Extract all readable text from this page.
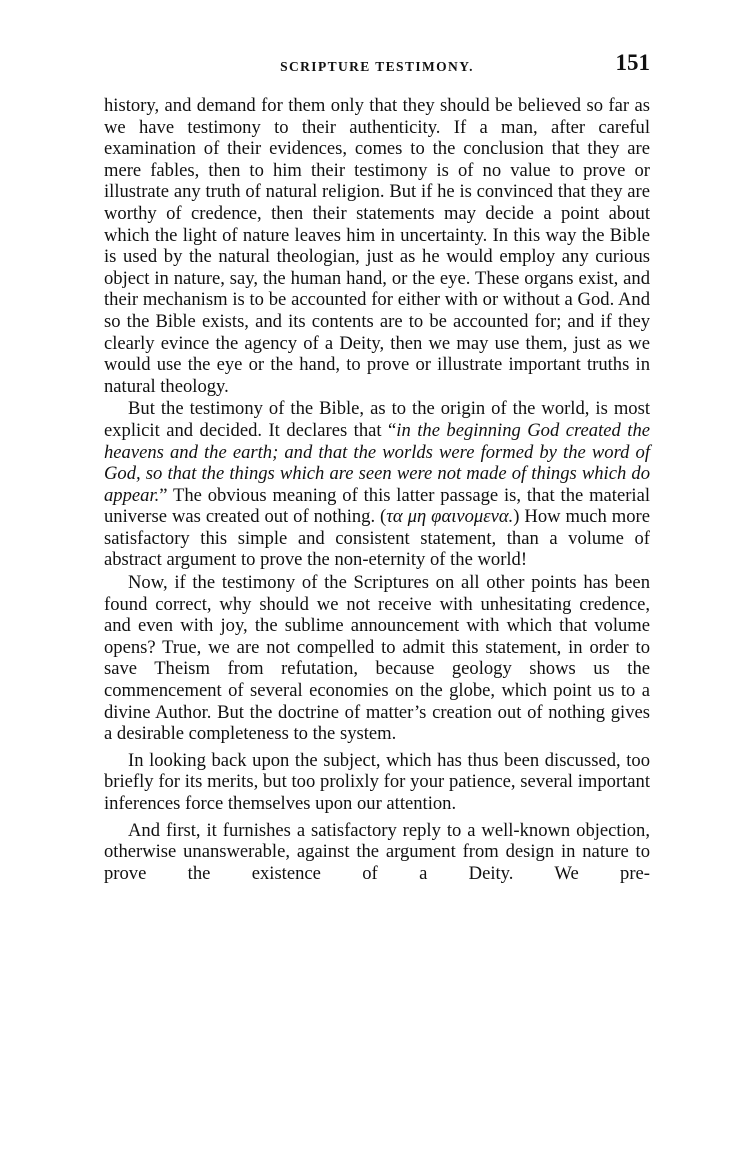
SCRIPTURE TESTIMONY.	151

history, and demand for them only that they should be believed so far as we have testimony to their authenticity. If a man, after careful examination of their evidences, comes to the conclusion that they are mere fables, then to him their testimony is of no value to prove or illustrate any truth of natural religion. But if he is convinced that they are worthy of credence, then their statements may decide a point about which the light of nature leaves him in uncertainty. In this way the Bible is used by the natural theologian, just as he would employ any curious object in nature, say, the human hand, or the eye. These organs exist, and their mechanism is to be accounted for either with or without a God. And so the Bible exists, and its contents are to be accounted for; and if they clearly evince the agency of a Deity, then we may use them, just as we would use the eye or the hand, to prove or illustrate important truths in natural theology.

But the testimony of the Bible, as to the origin of the world, is most explicit and decided. It declares that “in the beginning God created the heavens and the earth; and that the worlds were formed by the word of God, so that the things which are seen were not made of things which do appear.” The obvious meaning of this latter passage is, that the material universe was created out of nothing. (τα μη φαινομενα.) How much more satisfactory this simple and consistent statement, than a volume of abstract argument to prove the non-eternity of the world!

Now, if the testimony of the Scriptures on all other points has been found correct, why should we not receive with unhesitating credence, and even with joy, the sublime announcement with which that volume opens? True, we are not compelled to admit this statement, in order to save Theism from refutation, because geology shows us the commencement of several economies on the globe, which point us to a divine Author. But the doctrine of matter’s creation out of nothing gives a desirable completeness to the system.

In looking back upon the subject, which has thus been discussed, too briefly for its merits, but too prolixly for your patience, several important inferences force themselves upon our attention.

And first, it furnishes a satisfactory reply to a well-known objection, otherwise unanswerable, against the argument from design in nature to prove the existence of a Deity. We pre-
